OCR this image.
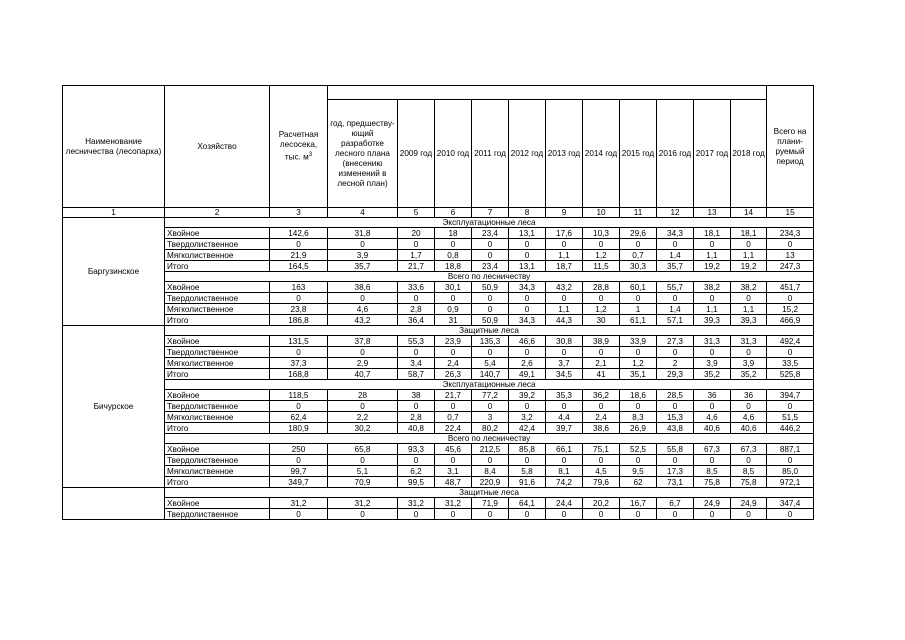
Наименование лесничества (лесопарка)	Хозяйство	Расчетная лесосека, тыс. $м^3$												Всего на плани-руемый период
			год, предшеству-ющий разработке лесного плана (внесению изменений в лесной план)	2009 год	2010 год	2011 год	2012 год	2013 год	2014 год	2015 год	2016 год	2017 год	2018 год	
1	2	3	4	5	6	7	8	9	10	11	12	13	14	15
Баргузинское	Эксплуатационные леса													
	Хвойное	142,6	31,8	20	18	23,4	13,1	17,6	10,3	29,6	34,3	18,1	18,1	234,3
	Твердолиственное	0	0	0	0	0	0	0	0	0	0	0	0	0
	Мягколиственное	21,9	3,9	1,7	0,8	0	0	1,1	1,2	0,7	1,4	1,1	1,1	13
	Итого	164,5	35,7	21,7	18,8	23,4	13,1	18,7	11,5	30,3	35,7	19,2	19,2	247,3
	Всего по лесничеству													
	Хвойное	163	38,6	33,6	30,1	50,9	34,3	43,2	28,8	60,1	55,7	38,2	38,2	451,7
	Твердолиственное	0	0	0	0	0	0	0	0	0	0	0	0	0
	Мягколиственное	23,8	4,6	2,8	0,9	0	0	1,1	1,2	1	1,4	1,1	1,1	15,2
	Итого	186,8	43,2	36,4	31	50,9	34,3	44,3	30	61,1	57,1	39,3	39,3	466,9
Бичурское	Защитные леса													
	Хвойное	131,5	37,8	55,3	23,9	135,3	46,6	30,8	38,9	33,9	27,3	31,3	31,3	492,4
	Твердолиственное	0	0	0	0	0	0	0	0	0	0	0	0	0
	Мягколиственное	37,3	2,9	3,4	2,4	5,4	2,6	3,7	2,1	1,2	2	3,9	3,9	33,5
	Итого	168,8	40,7	58,7	26,3	140,7	49,1	34,5	41	35,1	29,3	35,2	35,2	525,8
	Эксплуатационные леса													
	Хвойное	118,5	28	38	21,7	77,2	39,2	35,3	36,2	18,6	28,5	36	36	394,7
	Твердолиственное	0	0	0	0	0	0	0	0	0	0	0	0	0
	Мягколиственное	62,4	2,2	2,8	0,7	3	3,2	4,4	2,4	8,3	15,3	4,6	4,6	51,5
	Итого	180,9	30,2	40,8	22,4	80,2	42,4	39,7	38,6	26,9	43,8	40,6	40,6	446,2
	Всего по лесничеству													
	Хвойное	250	65,8	93,3	45,6	212,5	85,8	66,1	75,1	52,5	55,8	67,3	67,3	887,1
	Твердолиственное	0	0	0	0	0	0	0	0	0	0	0	0	0
	Мягколиственное	99,7	5,1	6,2	3,1	8,4	5,8	8,1	4,5	9,5	17,3	8,5	8,5	85,0
	Итого	349,7	70,9	99,5	48,7	220,9	91,6	74,2	79,6	62	73,1	75,8	75,8	972,1
	Защитные леса													
	Хвойное	31,2	31,2	31,2	31,2	71,9	64,1	24,4	20,2	16,7	6,7	24,9	24,9	347,4
	Твердолиственное	0	0	0	0	0	0	0	0	0	0	0	0	0
